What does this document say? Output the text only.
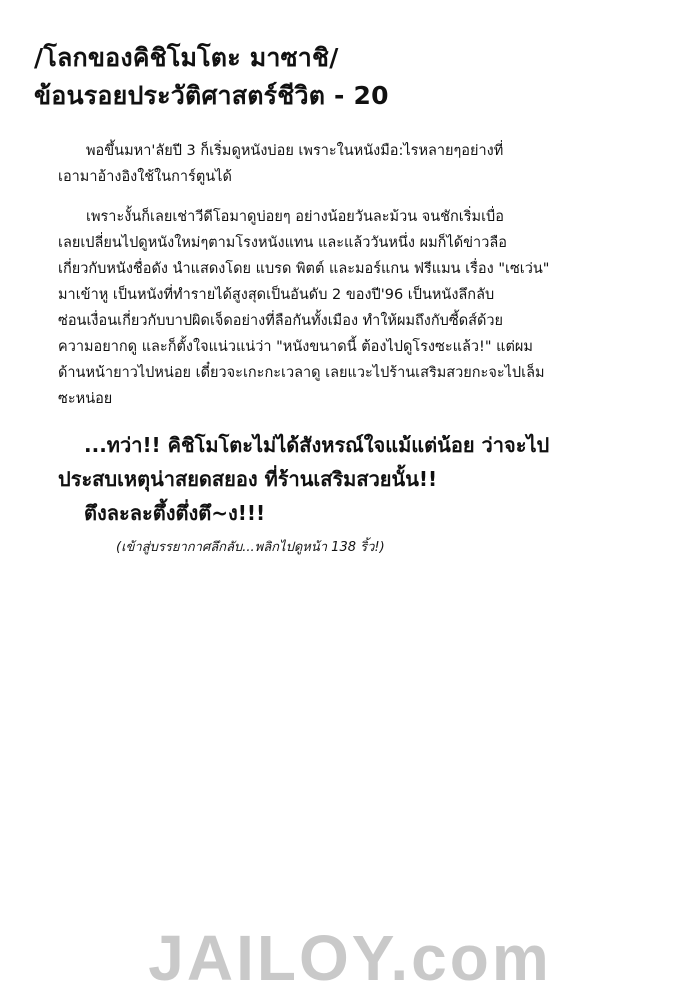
/โลกของคิชิโมโตะ มาซาชิ/
ข้อนรอยประวัติศาสตร์ชีวิต - 20
พอขึ้นมหา'ลัยปี 3 ก็เริ่มดูหนังบ่อย เพราะในหนังมือ:ไรหลายๆอย่างที่
เอามาอ้างอิงใช้ในการ์ตูนได้
เพราะงั้นก็เลยเช่าวีดีโอมาดูบ่อยๆ อย่างน้อยวันละม้วน จนชักเริ่มเบื่อ
เลยเปลี่ยนไปดูหนังใหม่ๆตามโรงหนังแทน และแล้ววันหนึ่ง ผมก็ได้ข่าวลือ
เกี่ยวกับหนังชื่อดัง นำแสดงโดย แบรด พิตต์ และมอร์แกน ฟรีแมน เรื่อง "เซเว่น"
มาเข้าหู เป็นหนังที่ทำรายได้สูงสุดเป็นอันดับ 2 ของปี'96 เป็นหนังลึกลับ
ซ่อนเงื่อนเกี่ยวกับบาปผิดเจ็ดอย่างที่ลือกันทั้งเมือง ทำให้ผมถึงกับซี้ดส์ด้วย
ความอยากดู และก็ตั้งใจแน่วแน่ว่า "หนังขนาดนี้ ต้องไปดูโรงซะแล้ว!" แต่ผม
ด้านหน้ายาวไปหน่อย เดี๋ยวจะเกะกะเวลาดู เลยแวะไปร้านเสริมสวยกะจะไปเล็ม
ซะหน่อย
...ทว่า!! คิชิโมโตะไม่ได้สังหรณ์ใจแม้แต่น้อย ว่าจะไป
ประสบเหตุน่าสยดสยอง ที่ร้านเสริมสวยนั้น!!
ตึงละละตึ้งตึ่งตึ~ง!!!
(เข้าสู่บรรยากาศลึกลับ...พลิกไปดูหน้า 138 ริ้ว!)
JAILOY.com
